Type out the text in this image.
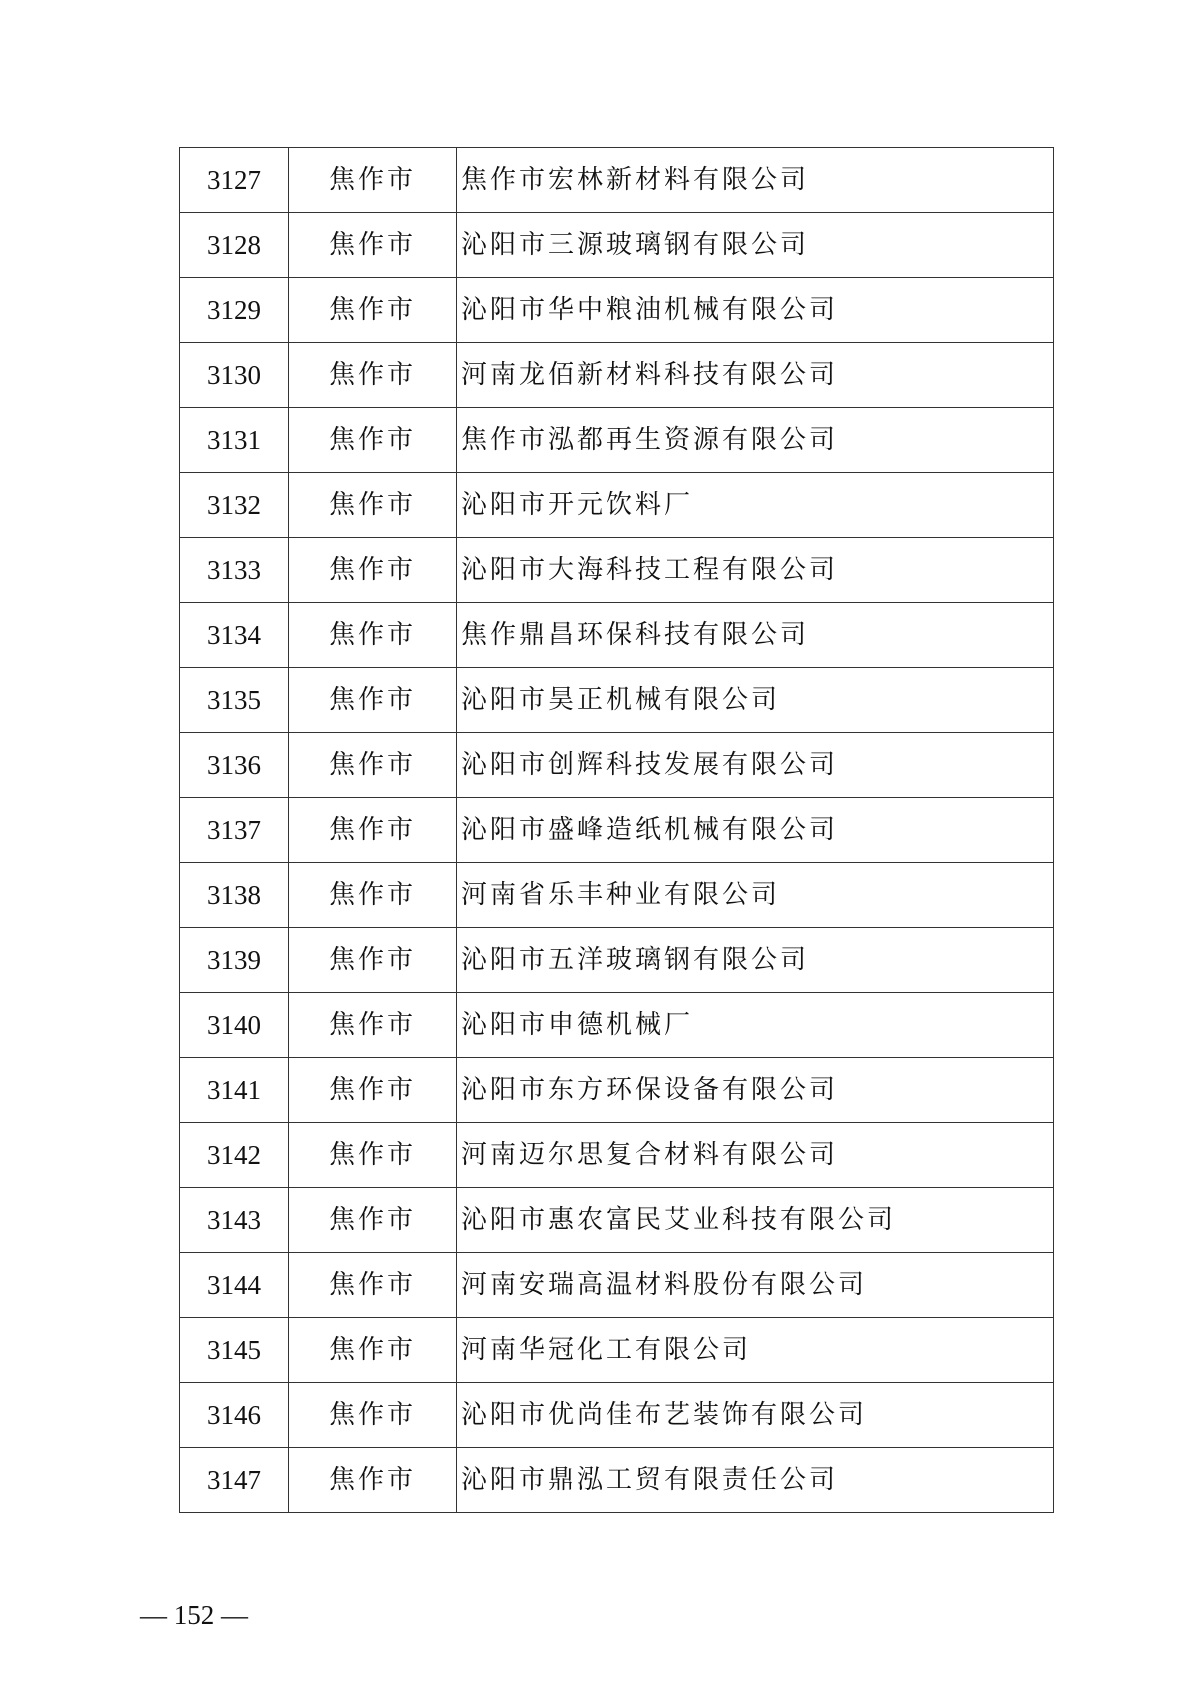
3127	焦作市	焦作市宏林新材料有限公司
3128	焦作市	沁阳市三源玻璃钢有限公司
3129	焦作市	沁阳市华中粮油机械有限公司
3130	焦作市	河南龙佰新材料科技有限公司
3131	焦作市	焦作市泓都再生资源有限公司
3132	焦作市	沁阳市开元饮料厂
3133	焦作市	沁阳市大海科技工程有限公司
3134	焦作市	焦作鼎昌环保科技有限公司
3135	焦作市	沁阳市昊正机械有限公司
3136	焦作市	沁阳市创辉科技发展有限公司
3137	焦作市	沁阳市盛峰造纸机械有限公司
3138	焦作市	河南省乐丰种业有限公司
3139	焦作市	沁阳市五洋玻璃钢有限公司
3140	焦作市	沁阳市申德机械厂
3141	焦作市	沁阳市东方环保设备有限公司
3142	焦作市	河南迈尔思复合材料有限公司
3143	焦作市	沁阳市惠农富民艾业科技有限公司
3144	焦作市	河南安瑞高温材料股份有限公司
3145	焦作市	河南华冠化工有限公司
3146	焦作市	沁阳市优尚佳布艺装饰有限公司
3147	焦作市	沁阳市鼎泓工贸有限责任公司
— 152 —
